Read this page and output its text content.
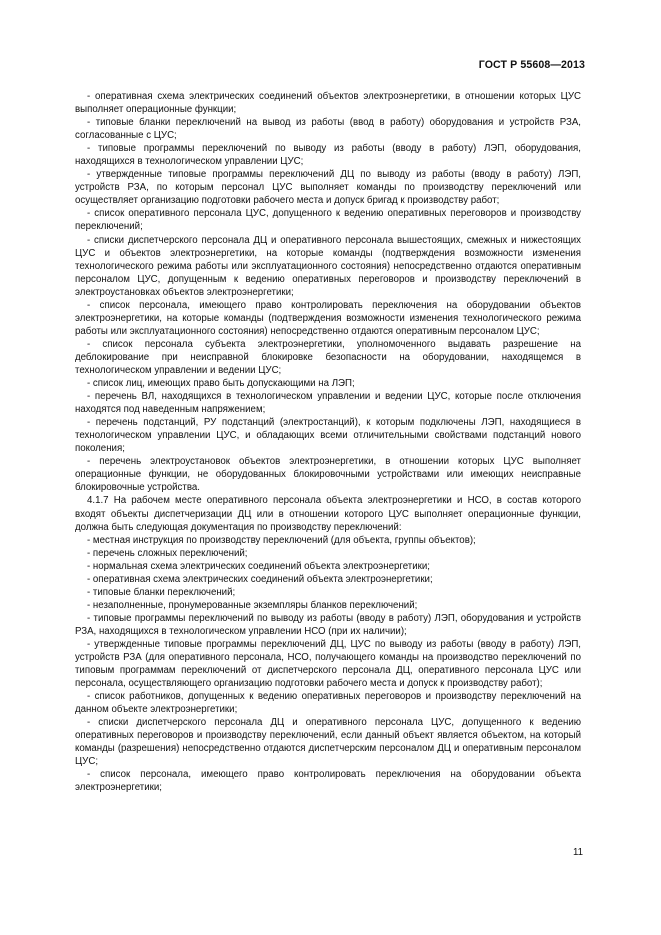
ГОСТ Р 55608—2013

- оперативная схема электрических соединений объектов электроэнергетики, в отношении которых ЦУС выполняет операционные функции;

- типовые бланки переключений на вывод из работы (ввод в работу) оборудования и устройств РЗА, согласованные с ЦУС;

- типовые программы переключений по выводу из работы (вводу в работу) ЛЭП, оборудования, находящихся в технологическом управлении ЦУС;

- утвержденные типовые программы переключений ДЦ по выводу из работы (вводу в работу) ЛЭП, устройств РЗА, по которым персонал ЦУС выполняет команды по производству переключений или осуществляет организацию подготовки рабочего места и допуск бригад к производству работ;

- список оперативного персонала ЦУС, допущенного к ведению оперативных переговоров и производству переключений;

- списки диспетчерского персонала ДЦ и оперативного персонала вышестоящих, смежных и нижестоящих ЦУС и объектов электроэнергетики, на которые команды (подтверждения возможности изменения технологического режима работы или эксплуатационного состояния) непосредственно отдаются оперативным персоналом ЦУС, допущенным к ведению оперативных переговоров и производству переключений в электроустановках объектов электроэнергетики;

- список персонала, имеющего право контролировать переключения на оборудовании объектов электроэнергетики, на которые команды (подтверждения возможности изменения технологического режима работы или эксплуатационного состояния) непосредственно отдаются оперативным персоналом ЦУС;

- список персонала субъекта электроэнергетики, уполномоченного выдавать разрешение на деблокирование при неисправной блокировке безопасности на оборудовании, находящемся в технологическом управлении и ведении ЦУС;

- список лиц, имеющих право быть допускающими на ЛЭП;

- перечень ВЛ, находящихся в технологическом управлении и ведении ЦУС, которые после отключения находятся под наведенным напряжением;

- перечень подстанций, РУ подстанций (электростанций), к которым подключены ЛЭП, находящиеся в технологическом управлении ЦУС, и обладающих всеми отличительными свойствами подстанций нового поколения;

- перечень электроустановок объектов электроэнергетики, в отношении которых ЦУС выполняет операционные функции, не оборудованных блокировочными устройствами или имеющих неисправные блокировочные устройства.

4.1.7 На рабочем месте оперативного персонала объекта электроэнергетики и НСО, в состав которого входят объекты диспетчеризации ДЦ или в отношении которого ЦУС выполняет операционные функции, должна быть следующая документация по производству переключений:

- местная инструкция по производству переключений (для объекта, группы объектов);

- перечень сложных переключений;

- нормальная схема электрических соединений объекта электроэнергетики;

- оперативная схема электрических соединений объекта электроэнергетики;

- типовые бланки переключений;

- незаполненные, пронумерованные экземпляры бланков переключений;

- типовые программы переключений по выводу из работы (вводу в работу) ЛЭП, оборудования и устройств РЗА, находящихся в технологическом управлении НСО (при их наличии);

- утвержденные типовые программы переключений ДЦ, ЦУС по выводу из работы (вводу в работу) ЛЭП, устройств РЗА (для оперативного персонала, НСО, получающего команды на производство переключений по типовым программам переключений от диспетчерского персонала ДЦ, оперативного персонала ЦУС или персонала, осуществляющего организацию подготовки рабочего места и допуск к производству работ);

- список работников, допущенных к ведению оперативных переговоров и производству переключений на данном объекте электроэнергетики;

- списки диспетчерского персонала ДЦ и оперативного персонала ЦУС, допущенного к ведению оперативных переговоров и производству переключений, если данный объект является объектом, на который команды (разрешения) непосредственно отдаются диспетчерским персоналом ДЦ и оперативным персоналом ЦУС;

- список персонала, имеющего право контролировать переключения на оборудовании объекта электроэнергетики;

11
